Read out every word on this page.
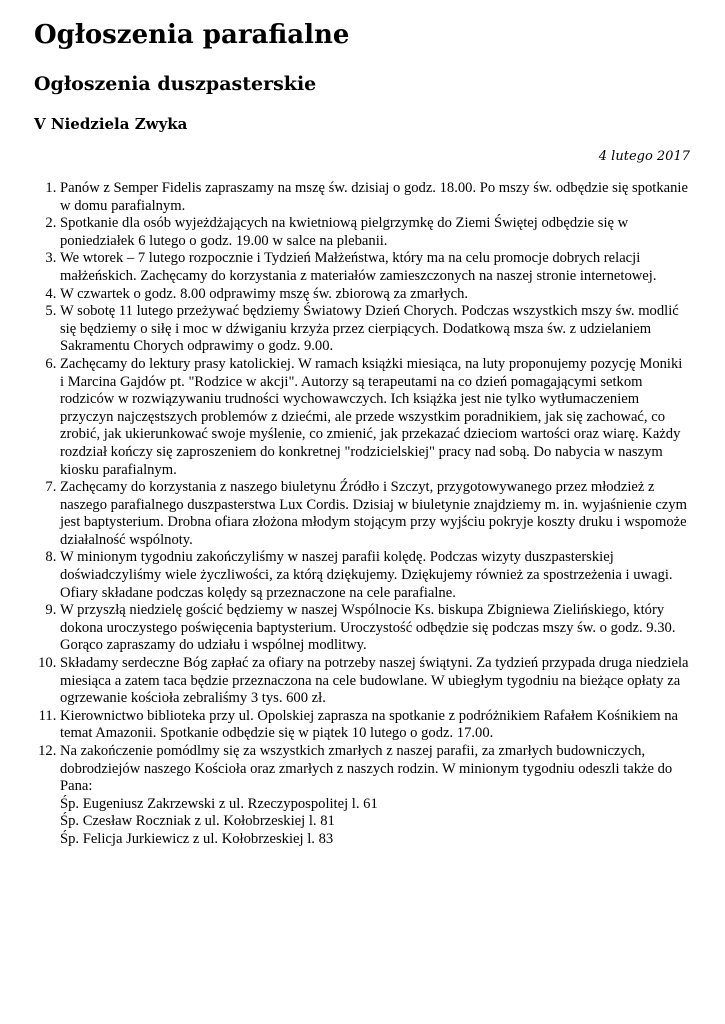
Ogłoszenia parafialne
Ogłoszenia duszpasterskie
V Niedziela Zwyka
4 lutego 2017
1. Panów z Semper Fidelis zapraszamy na mszę św. dzisiaj o godz. 18.00. Po mszy św. odbędzie się spotkanie w domu parafialnym.
2. Spotkanie dla osób wyjeżdżających na kwietniową pielgrzymkę do Ziemi Świętej odbędzie się w poniedziałek 6 lutego o godz. 19.00 w salce na plebanii.
3. We wtorek – 7 lutego rozpocznie i Tydzień Małżeństwa, który ma na celu promocje dobrych relacji małżeńskich. Zachęcamy do korzystania z materiałów zamieszczonych na naszej stronie internetowej.
4. W czwartek o godz. 8.00 odprawimy mszę św. zbiorową za zmarłych.
5. W sobotę 11 lutego przeżywać będziemy Światowy Dzień Chorych. Podczas wszystkich mszy św. modlić się będziemy o siłę i moc w dźwiganiu krzyża przez cierpiących. Dodatkową msza św. z udzielaniem Sakramentu Chorych odprawimy o godz. 9.00.
6. Zachęcamy do lektury prasy katolickiej. W ramach książki miesiąca, na luty proponujemy pozycję Moniki i Marcina Gajdów pt. "Rodzice w akcji". Autorzy są terapeutami na co dzień pomagającymi setkom rodziców w rozwiązywaniu trudności wychowawczych. Ich książka jest nie tylko wytłumaczeniem przyczyn najczęstszych problemów z dziećmi, ale przede wszystkim poradnikiem, jak się zachować, co zrobić, jak ukierunkować swoje myślenie, co zmienić, jak przekazać dzieciom wartości oraz wiarę. Każdy rozdział kończy się zaproszeniem do konkretnej "rodzicielskiej" pracy nad sobą. Do nabycia w naszym kiosku parafialnym.
7. Zachęcamy do korzystania z naszego biuletynu Źródło i Szczyt, przygotowywanego przez młodzież z naszego parafialnego duszpasterstwa Lux Cordis. Dzisiaj w biuletynie znajdziemy m. in. wyjaśnienie czym jest baptysterium. Drobna ofiara złożona młodym stojącym przy wyjściu pokryje koszty druku i wspomoże działalność wspólnoty.
8. W minionym tygodniu zakończyliśmy w naszej parafii kolędę. Podczas wizyty duszpasterskiej doświadczyliśmy wiele życzliwości, za którą dziękujemy. Dziękujemy również za spostrzeżenia i uwagi. Ofiary składane podczas kolędy są przeznaczone na cele parafialne.
9. W przyszłą niedzielę gościć będziemy w naszej Wspólnocie Ks. biskupa Zbigniewa Zielińskiego, który dokona uroczystego poświęcenia baptysterium. Uroczystość odbędzie się podczas mszy św. o godz. 9.30. Gorąco zapraszamy do udziału i wspólnej modlitwy.
10. Składamy serdeczne Bóg zapłać za ofiary na potrzeby naszej świątyni. Za tydzień przypada druga niedziela miesiąca a zatem taca będzie przeznaczona na cele budowlane. W ubiegłym tygodniu na bieżące opłaty za ogrzewanie kościoła zebraliśmy 3 tys. 600 zł.
11. Kierownictwo biblioteka przy ul. Opolskiej zaprasza na spotkanie z podróżnikiem Rafałem Kośnikiem na temat Amazonii. Spotkanie odbędzie się w piątek 10 lutego o godz. 17.00.
12. Na zakończenie pomódlmy się za wszystkich zmarłych z naszej parafii, za zmarłych budowniczych, dobrodziejów naszego Kościoła oraz zmarłych z naszych rodzin. W minionym tygodniu odeszli także do Pana:
Śp. Eugeniusz Zakrzewski z ul. Rzeczypospolitej l. 61
Śp. Czesław Roczniak z ul. Kołobrzeskiej l. 81
Śp. Felicja Jurkiewicz z ul. Kołobrzeskiej l. 83
